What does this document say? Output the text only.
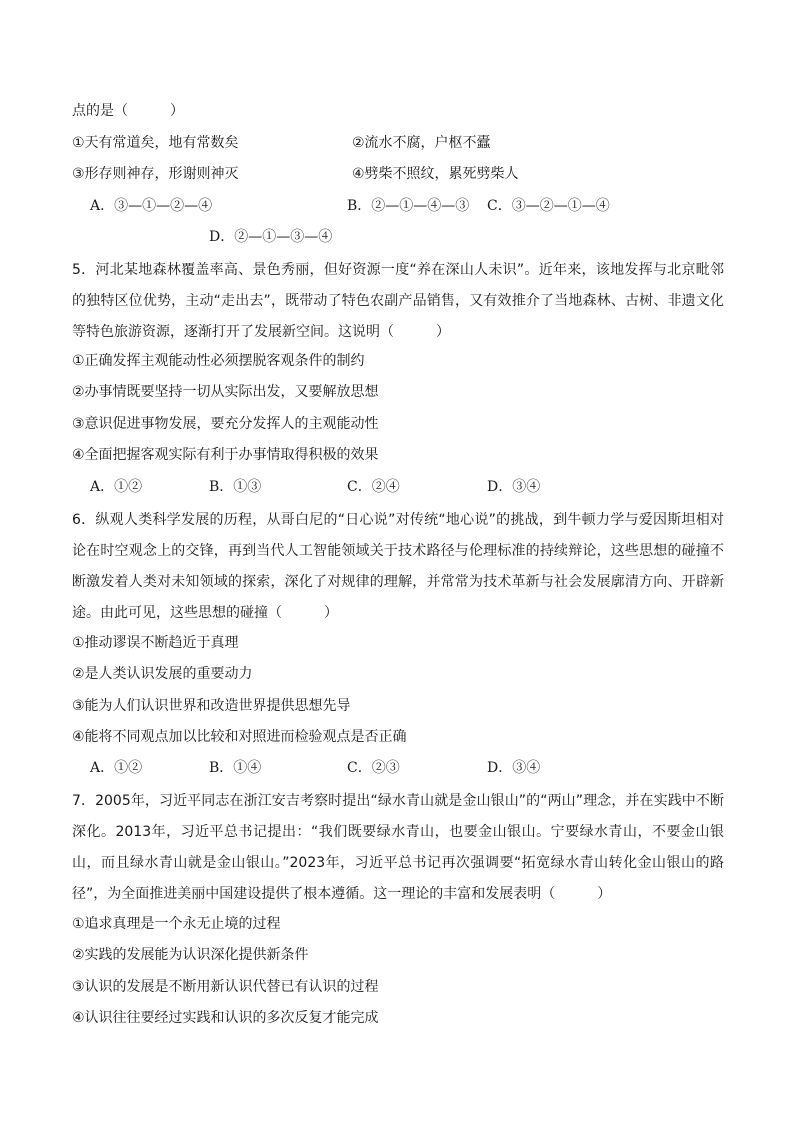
点的是（　　　）
①天有常道矣，地有常数矣	②流水不腐，户枢不蠹
③形存则神存，形谢则神灭	④劈柴不照纹，累死劈柴人
A．③—①—②—④	B．②—①—④—③ C．③—②—①—④
D．②—①—③—④
5．河北某地森林覆盖率高、景色秀丽，但好资源一度“养在深山人未识”。近年来，该地发挥与北京毗邻的独特区位优势，主动“走出去”，既带动了特色农副产品销售，又有效推介了当地森林、古树、非遗文化等特色旅游资源，逐渐打开了发展新空间。这说明（　　　）
①正确发挥主观能动性必须摆脱客观条件的制约
②办事情既要坚持一切从实际出发，又要解放思想
③意识促进事物发展，要充分发挥人的主观能动性
④全面把握客观实际有利于办事情取得积极的效果
A．①②	B．①③	C．②④	D．③④
6．纵观人类科学发展的历程，从哥白尼的“日心说”对传统“地心说”的挑战，到牛顿力学与爱因斯坦相对论在时空观念上的交锋，再到当代人工智能领域关于技术路径与伦理标准的持续辩论，这些思想的碰撞不断激发着人类对未知领域的探索，深化了对规律的理解，并常常为技术革新与社会发展廓清方向、开辟新途。由此可见，这些思想的碰撞（　　　）
①推动谬误不断趋近于真理
②是人类认识发展的重要动力
③能为人们认识世界和改造世界提供思想先导
④能将不同观点加以比较和对照进而检验观点是否正确
A．①②	B．①④	C．②③	D．③④
7．2005年，习近平同志在浙江安吉考察时提出“绿水青山就是金山银山”的“两山”理念，并在实践中不断深化。2013年，习近平总书记提出：“我们既要绿水青山，也要金山银山。宁要绿水青山，不要金山银山，而且绿水青山就是金山银山。”2023年，习近平总书记再次强调要“拓宽绿水青山转化金山银山的路径”，为全面推进美丽中国建设提供了根本遵循。这一理论的丰富和发展表明（　　　）
①追求真理是一个永无止境的过程
②实践的发展能为认识深化提供新条件
③认识的发展是不断用新认识代替已有认识的过程
④认识往往要经过实践和认识的多次反复才能完成
